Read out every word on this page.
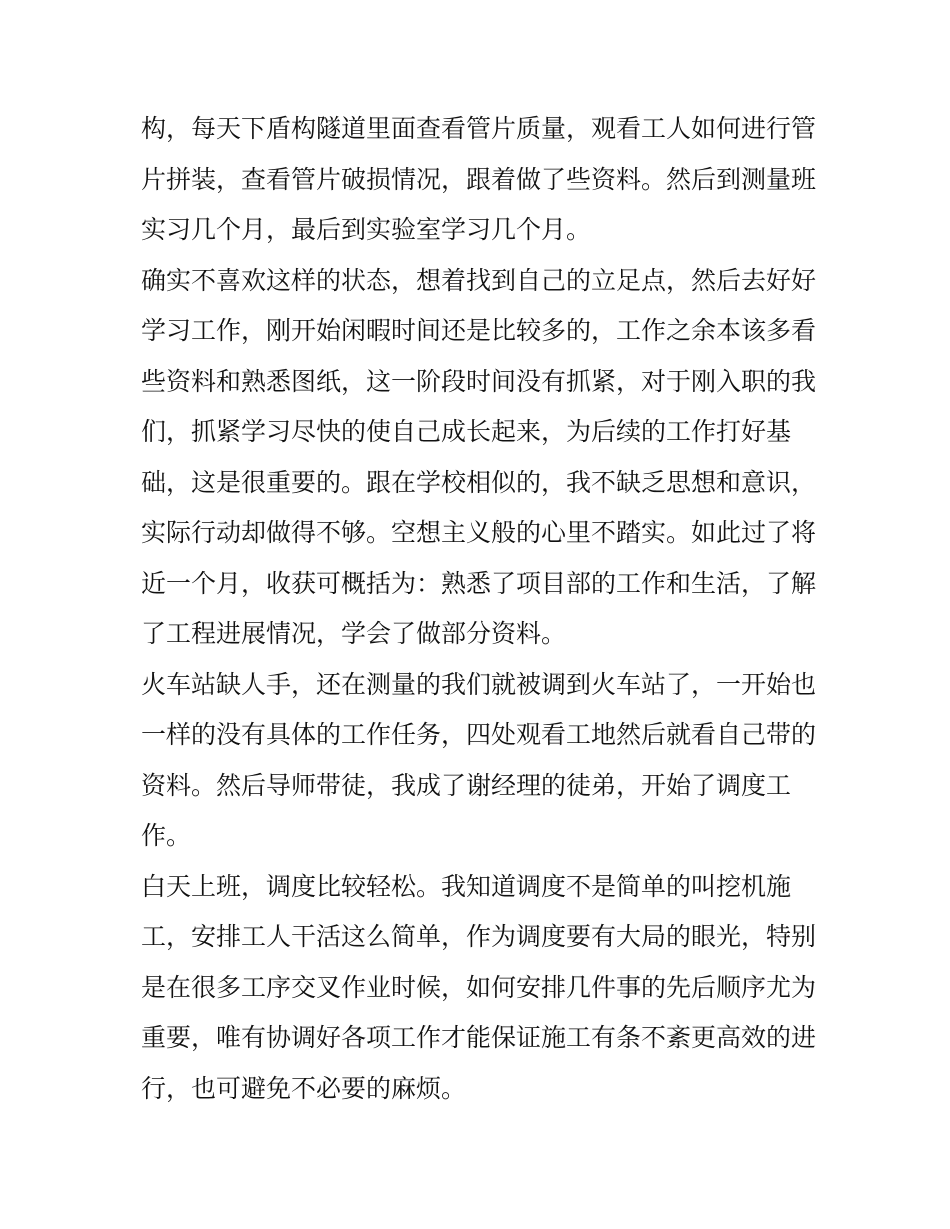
构，每天下盾构隧道里面查看管片质量，观看工人如何进行管
片拼装，查看管片破损情况，跟着做了些资料。然后到测量班
实习几个月，最后到实验室学习几个月。
确实不喜欢这样的状态，想着找到自己的立足点，然后去好好
学习工作，刚开始闲暇时间还是比较多的，工作之余本该多看
些资料和熟悉图纸，这一阶段时间没有抓紧，对于刚入职的我
们，抓紧学习尽快的使自己成长起来，为后续的工作打好基
础，这是很重要的。跟在学校相似的，我不缺乏思想和意识，
实际行动却做得不够。空想主义般的心里不踏实。如此过了将
近一个月，收获可概括为：熟悉了项目部的工作和生活，了解
了工程进展情况，学会了做部分资料。
火车站缺人手，还在测量的我们就被调到火车站了，一开始也
一样的没有具体的工作任务，四处观看工地然后就看自己带的
资料。然后导师带徒，我成了谢经理的徒弟，开始了调度工
作。
白天上班，调度比较轻松。我知道调度不是简单的叫挖机施
工，安排工人干活这么简单，作为调度要有大局的眼光，特别
是在很多工序交叉作业时候，如何安排几件事的先后顺序尤为
重要，唯有协调好各项工作才能保证施工有条不紊更高效的进
行，也可避免不必要的麻烦。
